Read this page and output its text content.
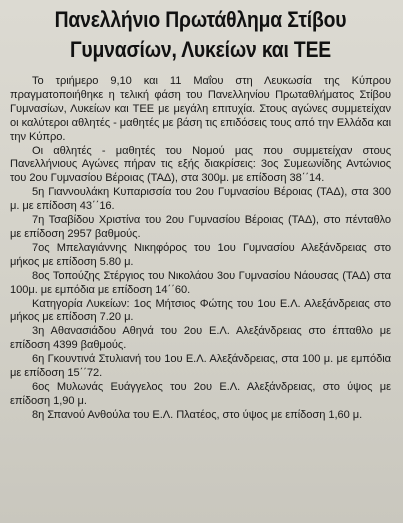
Πανελλήνιο Πρωτάθλημα Στίβου
Γυμνασίων, Λυκείων και ΤΕΕ

Το τριήμερο 9,10 και 11 Μαΐου στη Λευκωσία της Κύπρου πραγματοποιήθηκε η τελική φάση του Πανελληνίου Πρωταθλήματος Στίβου Γυμνασίων, Λυκείων και ΤΕΕ με μεγάλη επιτυχία. Στους αγώνες συμμετείχαν οι καλύτεροι αθλητές - μαθητές με βάση τις επιδόσεις τους από την Ελλάδα και την Κύπρο.

Οι αθλητές - μαθητές του Νομού μας που συμμετείχαν στους Πανελλήνιους Αγώνες πήραν τις εξής διακρίσεις: 3ος Συμεωνίδης Αντώνιος του 2ου Γυμνασίου Βέροιας (ΤΑΔ), στα 300μ. με επίδοση 38΄΄14.

5η Γιαννουλάκη Κυπαρισσία του 2ου Γυμνασίου Βέροιας (ΤΑΔ), στα 300 μ. με επίδοση 43΄΄16.

7η Τσαβίδου Χριστίνα του 2ου Γυμνασίου Βέροιας (ΤΑΔ), στο πένταθλο με επίδοση 2957 βαθμούς.

7ος Μπελαγιάννης Νικηφόρος του 1ου Γυμνασίου Αλεξάνδρειας στο μήκος με επίδοση 5.80 μ.

8ος Τοπούζης Στέργιος του Νικολάου 3ου Γυμνασίου Νάουσας (ΤΑΔ) στα 100μ. με εμπόδια με επίδοση 14΄΄60.

Κατηγορία Λυκείων: 1ος Μήτσιος Φώτης του 1ου Ε.Λ. Αλεξάνδρειας στο μήκος με επίδοση 7.20 μ.

3η Αθανασιάδου Αθηνά του 2ου Ε.Λ. Αλεξάνδρειας στο έπταθλο με επίδοση 4399 βαθμούς.

6η Γκουντινά Στυλιανή του 1ου Ε.Λ. Αλεξάνδρειας, στα 100 μ. με εμπόδια με επίδοση 15΄΄72.

6ος Μυλωνάς Ευάγγελος του 2ου Ε.Λ. Αλεξάνδρειας, στο ύψος με επίδοση 1,90 μ.

8η Σπανού Ανθούλα του Ε.Λ. Πλατέος, στο ύψος με επίδοση 1,60 μ.
